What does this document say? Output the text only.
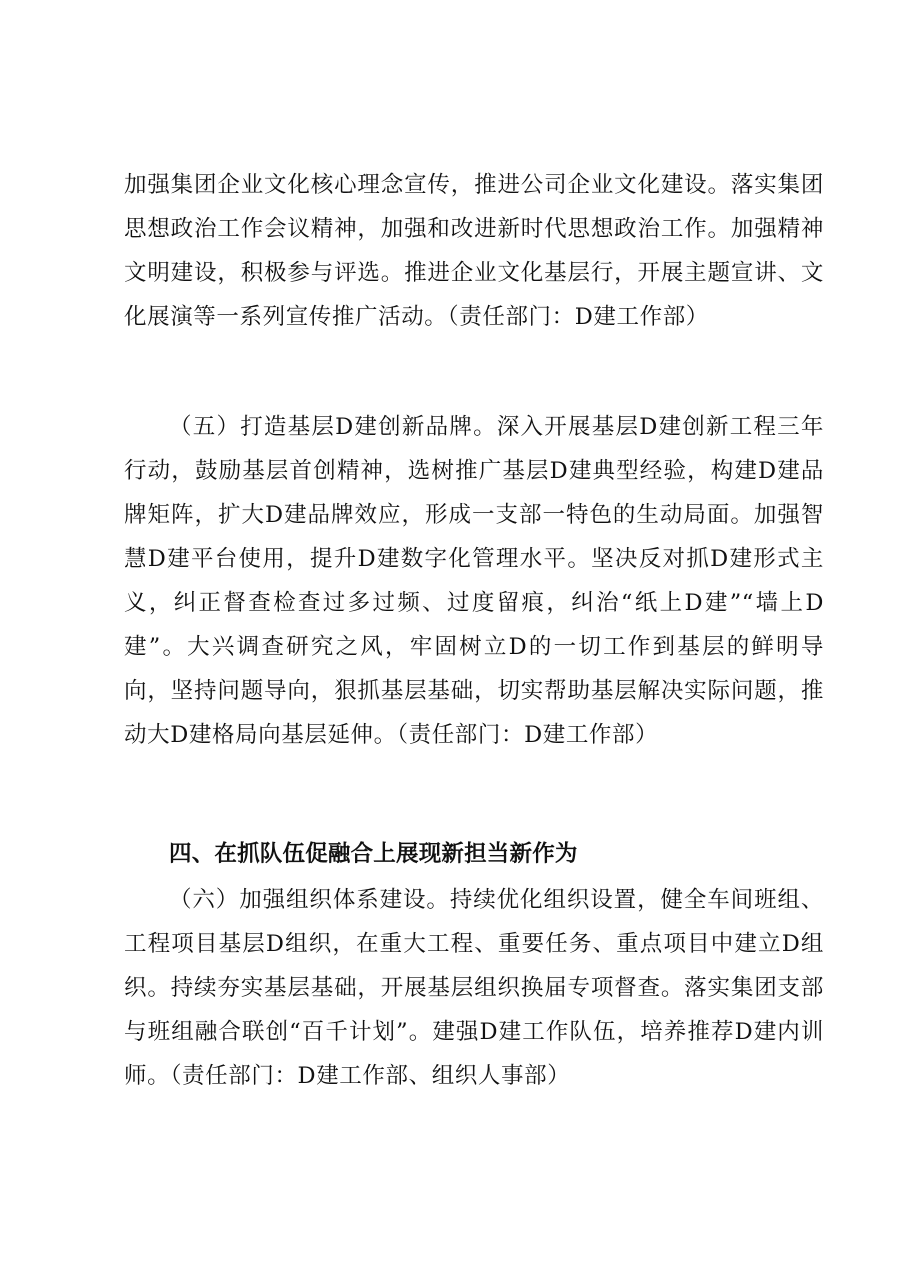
加强集团企业文化核心理念宣传，推进公司企业文化建设。落实集团思想政治工作会议精神，加强和改进新时代思想政治工作。加强精神文明建设，积极参与评选。推进企业文化基层行，开展主题宣讲、文化展演等一系列宣传推广活动。（责任部门：D建工作部）

（五）打造基层D建创新品牌。深入开展基层D建创新工程三年行动，鼓励基层首创精神，选树推广基层D建典型经验，构建D建品牌矩阵，扩大D建品牌效应，形成一支部一特色的生动局面。加强智慧D建平台使用，提升D建数字化管理水平。坚决反对抓D建形式主义，纠正督查检查过多过频、过度留痕，纠治“纸上D建”“墙上D建”。大兴调查研究之风，牢固树立D的一切工作到基层的鲜明导向，坚持问题导向，狠抓基层基础，切实帮助基层解决实际问题，推动大D建格局向基层延伸。（责任部门：D建工作部）

四、在抓队伍促融合上展现新担当新作为

（六）加强组织体系建设。持续优化组织设置，健全车间班组、工程项目基层D组织，在重大工程、重要任务、重点项目中建立D组织。持续夯实基层基础，开展基层组织换届专项督查。落实集团支部与班组融合联创“百千计划”。建强D建工作队伍，培养推荐D建内训师。（责任部门：D建工作部、组织人事部）
